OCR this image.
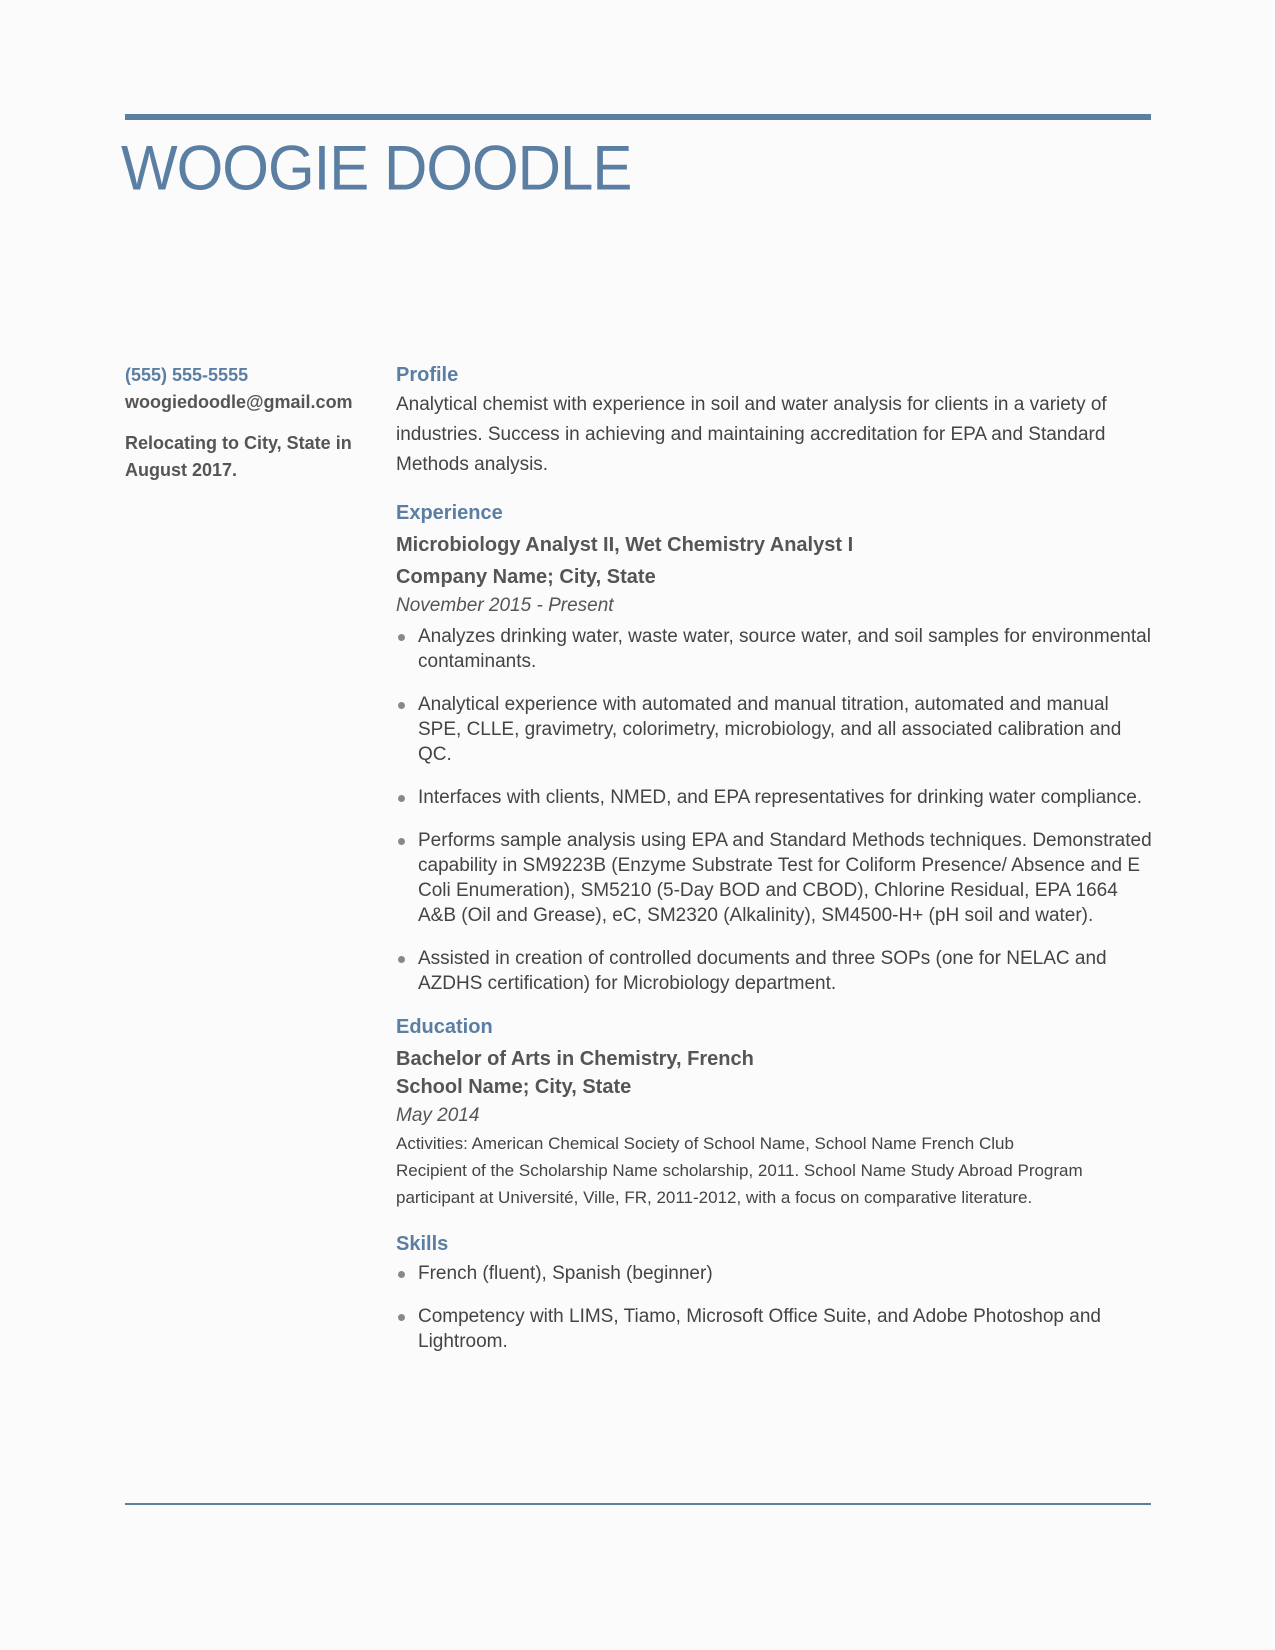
WOOGIE DOODLE
(555) 555-5555
woogiedoodle@gmail.com
Relocating to City, State in August 2017.
Profile

Analytical chemist with experience in soil and water analysis for clients in a variety of industries. Success in achieving and maintaining accreditation for EPA and Standard Methods analysis.

Experience
Microbiology Analyst II, Wet Chemistry Analyst I
Company Name; City, State
November 2015 - Present
Analyzes drinking water, waste water, source water, and soil samples for environmental contaminants.
Analytical experience with automated and manual titration, automated and manual SPE, CLLE, gravimetry, colorimetry, microbiology, and all associated calibration and QC.
Interfaces with clients, NMED, and EPA representatives for drinking water compliance.
Performs sample analysis using EPA and Standard Methods techniques. Demonstrated capability in SM9223B (Enzyme Substrate Test for Coliform Presence/ Absence and E Coli Enumeration), SM5210 (5-Day BOD and CBOD), Chlorine Residual, EPA 1664 A&B (Oil and Grease), eC, SM2320 (Alkalinity), SM4500-H+ (pH soil and water).
Assisted in creation of controlled documents and three SOPs (one for NELAC and AZDHS certification) for Microbiology department.
Education
Bachelor of Arts in Chemistry, French
School Name; City, State
May 2014
Activities: American Chemical Society of School Name, School Name French Club
Recipient of the Scholarship Name scholarship, 2011. School Name Study Abroad Program participant at Université, Ville, FR, 2011-2012, with a focus on comparative literature.
Skills
French (fluent), Spanish (beginner)
Competency with LIMS, Tiamo, Microsoft Office Suite, and Adobe Photoshop and Lightroom.
